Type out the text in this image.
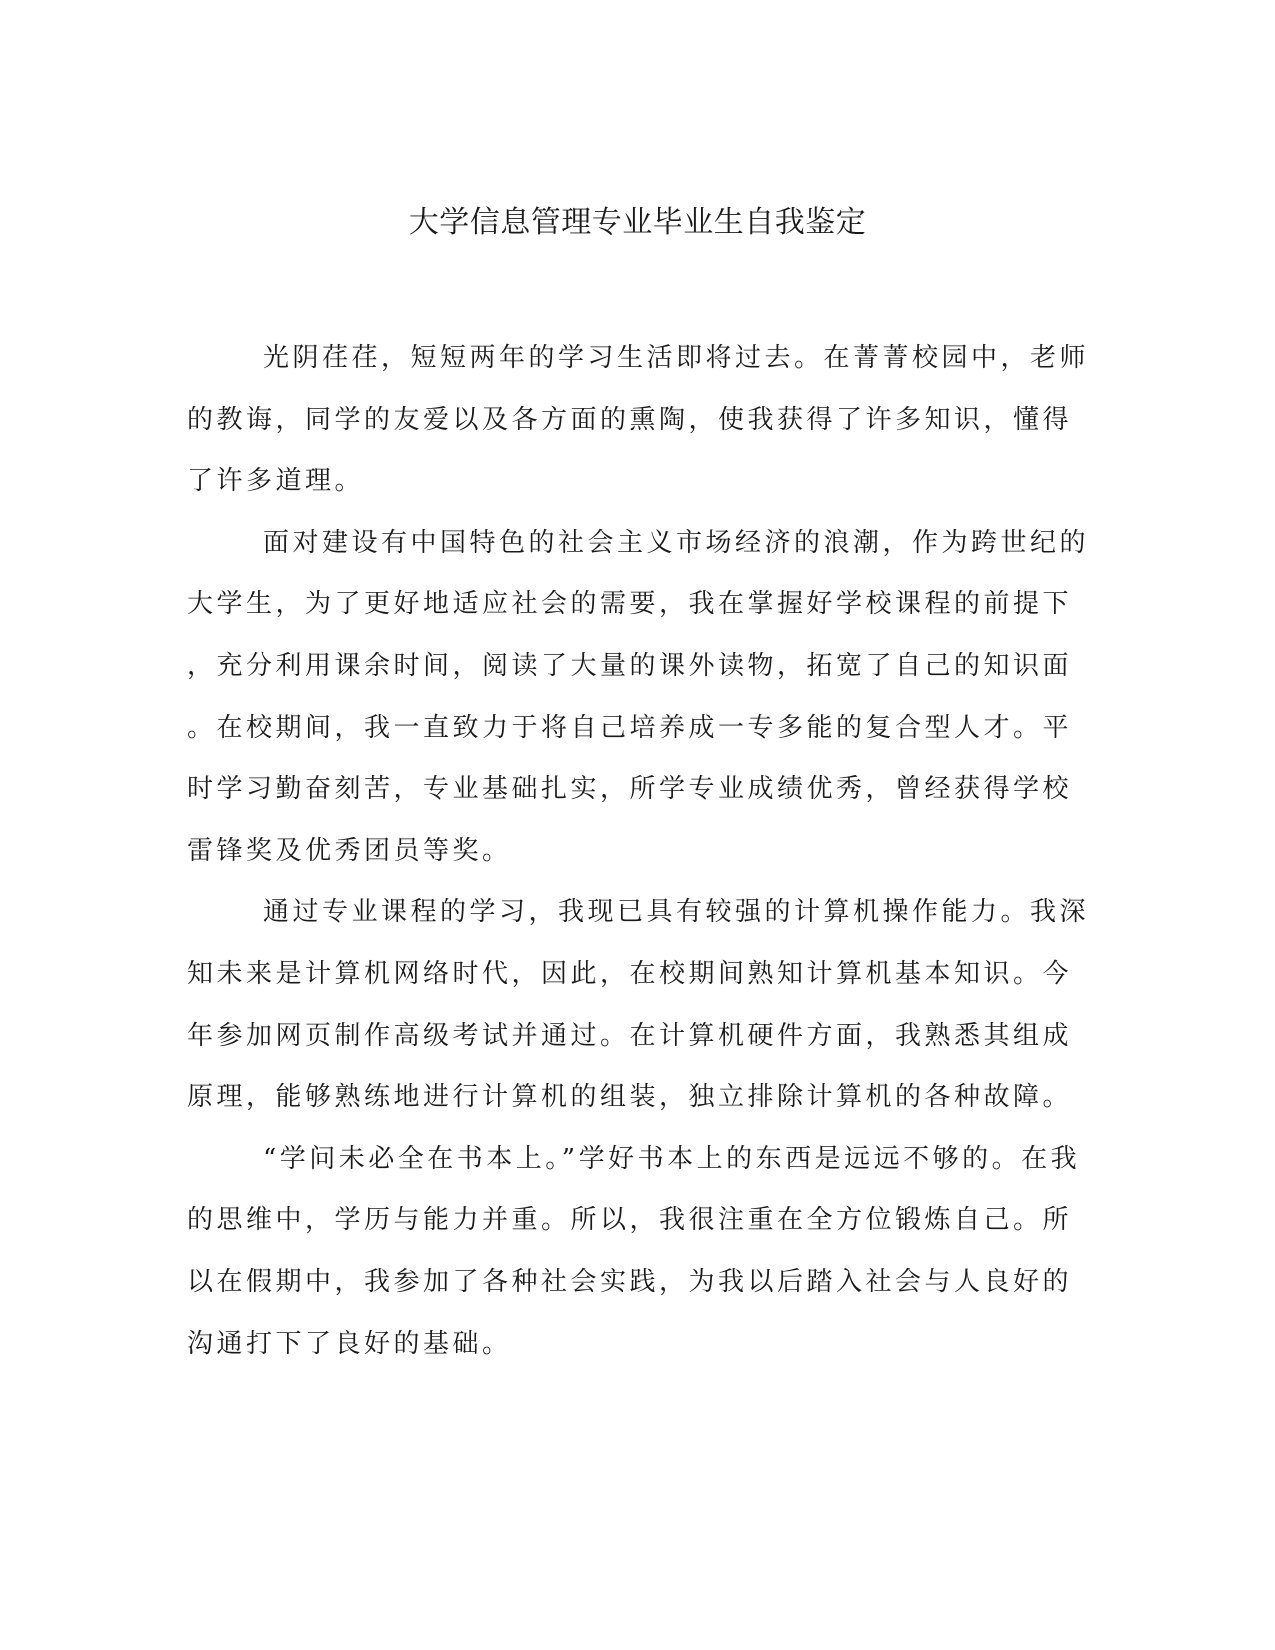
大学信息管理专业毕业生自我鉴定
光阴荏荏，短短两年的学习生活即将过去。在菁菁校园中，老师
的教诲，同学的友爱以及各方面的熏陶，使我获得了许多知识，懂得
了许多道理。
面对建设有中国特色的社会主义市场经济的浪潮，作为跨世纪的
大学生，为了更好地适应社会的需要，我在掌握好学校课程的前提下
，充分利用课余时间，阅读了大量的课外读物，拓宽了自己的知识面
。在校期间，我一直致力于将自己培养成一专多能的复合型人才。平
时学习勤奋刻苦，专业基础扎实，所学专业成绩优秀，曾经获得学校
雷锋奖及优秀团员等奖。
通过专业课程的学习，我现已具有较强的计算机操作能力。我深
知未来是计算机网络时代，因此，在校期间熟知计算机基本知识。今
年参加网页制作高级考试并通过。在计算机硬件方面，我熟悉其组成
原理，能够熟练地进行计算机的组装，独立排除计算机的各种故障。
“学问未必全在书本上。”学好书本上的东西是远远不够的。在我
的思维中，学历与能力并重。所以，我很注重在全方位锻炼自己。所
以在假期中，我参加了各种社会实践，为我以后踏入社会与人良好的
沟通打下了良好的基础。
